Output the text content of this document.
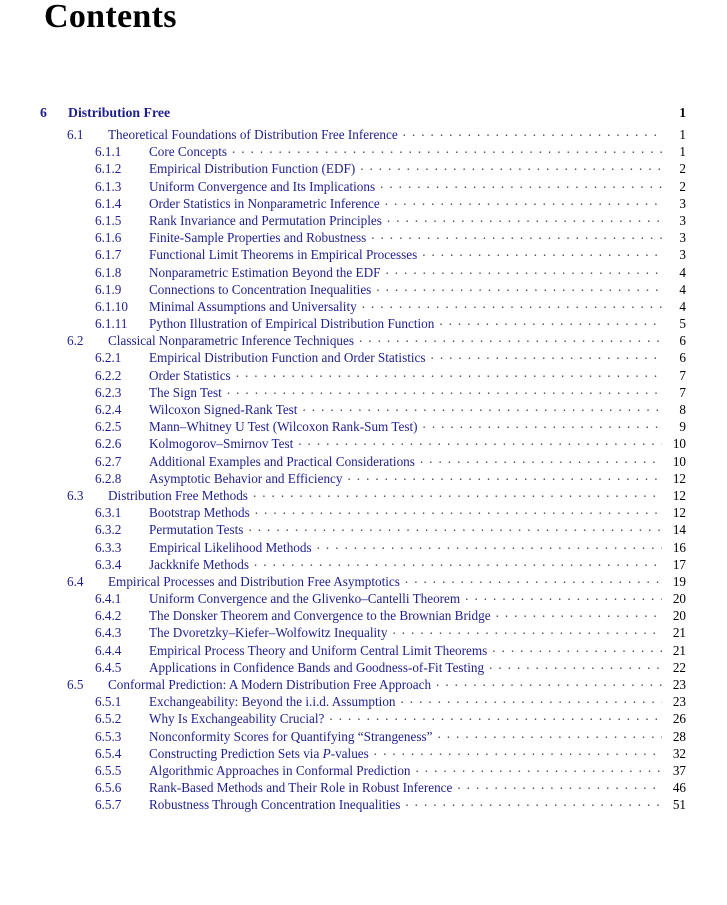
Contents
6	Distribution Free	1
6.1	Theoretical Foundations of Distribution Free Inference . . .	1
6.1.1	Core Concepts . . .	1
6.1.2	Empirical Distribution Function (EDF) . . .	2
6.1.3	Uniform Convergence and Its Implications . . .	2
6.1.4	Order Statistics in Nonparametric Inference . . .	3
6.1.5	Rank Invariance and Permutation Principles . . .	3
6.1.6	Finite-Sample Properties and Robustness . . .	3
6.1.7	Functional Limit Theorems in Empirical Processes . . .	3
6.1.8	Nonparametric Estimation Beyond the EDF . . .	4
6.1.9	Connections to Concentration Inequalities . . .	4
6.1.10	Minimal Assumptions and Universality . . .	4
6.1.11	Python Illustration of Empirical Distribution Function . . .	5
6.2	Classical Nonparametric Inference Techniques . . .	6
6.2.1	Empirical Distribution Function and Order Statistics . . .	6
6.2.2	Order Statistics . . .	7
6.2.3	The Sign Test . . .	7
6.2.4	Wilcoxon Signed-Rank Test . . .	8
6.2.5	Mann–Whitney U Test (Wilcoxon Rank-Sum Test) . . .	9
6.2.6	Kolmogorov–Smirnov Test . . .	10
6.2.7	Additional Examples and Practical Considerations . . .	10
6.2.8	Asymptotic Behavior and Efficiency . . .	12
6.3	Distribution Free Methods . . .	12
6.3.1	Bootstrap Methods . . .	12
6.3.2	Permutation Tests . . .	14
6.3.3	Empirical Likelihood Methods . . .	16
6.3.4	Jackknife Methods . . .	17
6.4	Empirical Processes and Distribution Free Asymptotics . . .	19
6.4.1	Uniform Convergence and the Glivenko–Cantelli Theorem . . .	20
6.4.2	The Donsker Theorem and Convergence to the Brownian Bridge . . .	20
6.4.3	The Dvoretzky–Kiefer–Wolfowitz Inequality . . .	21
6.4.4	Empirical Process Theory and Uniform Central Limit Theorems . . .	21
6.4.5	Applications in Confidence Bands and Goodness-of-Fit Testing . . .	22
6.5	Conformal Prediction: A Modern Distribution Free Approach . . .	23
6.5.1	Exchangeability: Beyond the i.i.d. Assumption . . .	23
6.5.2	Why Is Exchangeability Crucial? . . .	26
6.5.3	Nonconformity Scores for Quantifying “Strangeness” . . .	28
6.5.4	Constructing Prediction Sets via P-values . . .	32
6.5.5	Algorithmic Approaches in Conformal Prediction . . .	37
6.5.6	Rank-Based Methods and Their Role in Robust Inference . . .	46
6.5.7	Robustness Through Concentration Inequalities . . .	51
